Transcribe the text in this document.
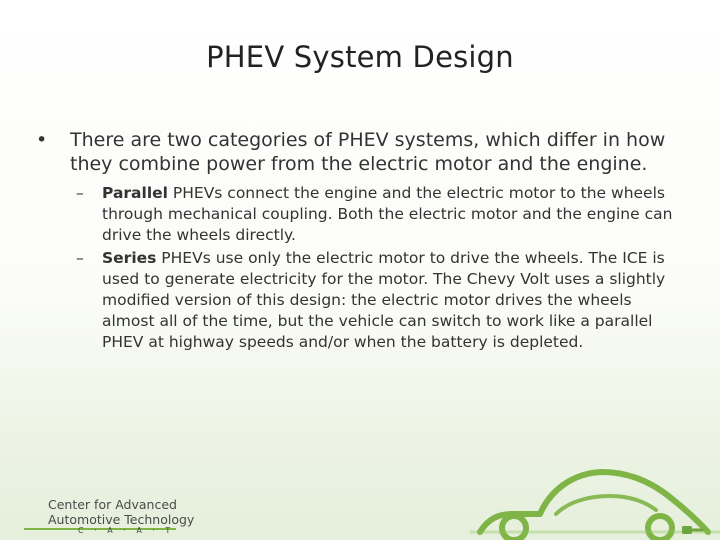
PHEV System Design
•	There are two categories of PHEV systems, which differ in how they combine power from the electric motor and the engine.
–	Parallel PHEVs connect the engine and the electric motor to the wheels through mechanical coupling. Both the electric motor and the engine can drive the wheels directly.
–	Series PHEVs use only the electric motor to drive the wheels. The ICE is used to generate electricity for the motor. The Chevy Volt uses a slightly modified version of this design: the electric motor drives the wheels almost all of the time, but the vehicle can switch to work like a parallel PHEV at highway speeds and/or when the battery is depleted.
Center for Advanced
Automotive Technology
C · A · A · T
